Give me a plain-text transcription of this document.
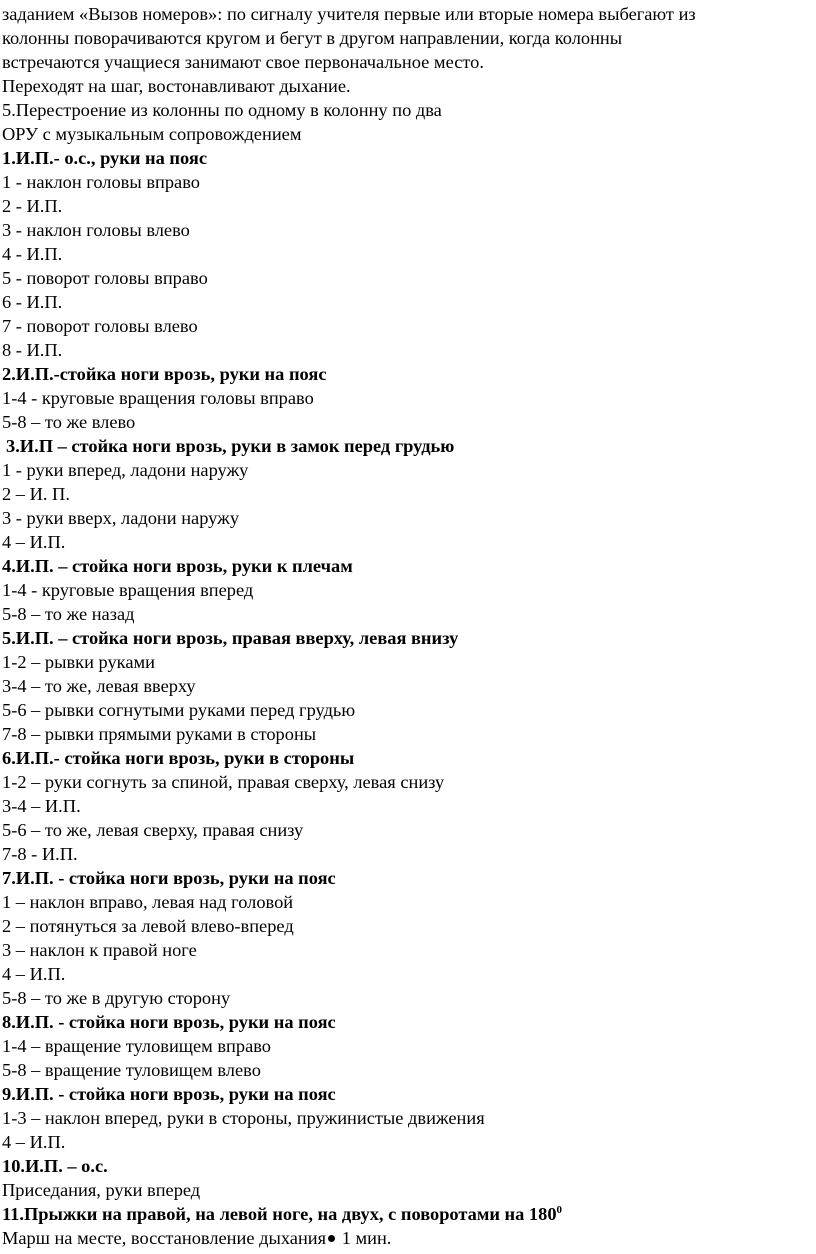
заданием «Вызов номеров»: по сигналу учителя первые или вторые номера выбегают из
колонны поворачиваются кругом и бегут в другом направлении, когда колонны
встречаются учащиеся занимают свое первоначальное место.
Переходят на шаг, востонавливают дыхание.
5.Перестроение из колонны по одному в колонну по два
ОРУ с музыкальным сопровождением
1.И.П.- о.с., руки на пояс
1 - наклон головы вправо
2 - И.П.
3 - наклон головы влево
4 - И.П.
5 - поворот головы вправо
6 - И.П.
7 - поворот головы влево
8 - И.П.
2.И.П.-стойка ноги врозь, руки на пояс
1-4 - круговые вращения головы вправо
5-8 – то же влево
3.И.П – стойка ноги врозь, руки в замок перед грудью
1 - руки вперед, ладони наружу
2 – И. П.
3 - руки вверх, ладони наружу
4 – И.П.
4.И.П. – стойка ноги врозь, руки к плечам
1-4 - круговые вращения вперед
5-8 – то же назад
5.И.П. – стойка ноги врозь, правая вверху, левая внизу
1-2 – рывки руками
3-4 – то же, левая вверху
5-6 – рывки согнутыми руками перед грудью
7-8 – рывки прямыми руками в стороны
6.И.П.- стойка ноги врозь, руки в стороны
1-2 – руки согнуть за спиной, правая сверху, левая снизу
3-4 – И.П.
5-6 – то же, левая сверху, правая снизу
7-8 - И.П.
7.И.П. - стойка ноги врозь, руки на пояс
1 – наклон вправо, левая над головой
2 – потянуться за левой влево-вперед
3 – наклон к правой ноге
4 – И.П.
5-8 – то же в другую сторону
8.И.П. - стойка ноги врозь, руки на пояс
1-4 – вращение туловищем вправо
5-8 – вращение туловищем влево
9.И.П. - стойка ноги врозь, руки на пояс
1-3 – наклон вперед, руки в стороны, пружинистые движения
4 – И.П.
10.И.П. – о.с.
Приседания, руки вперед
11.Прыжки на правой, на левой ноге, на двух, с поворотами на $180^0$
Марш на месте, восстановление дыхания 1 мин.
